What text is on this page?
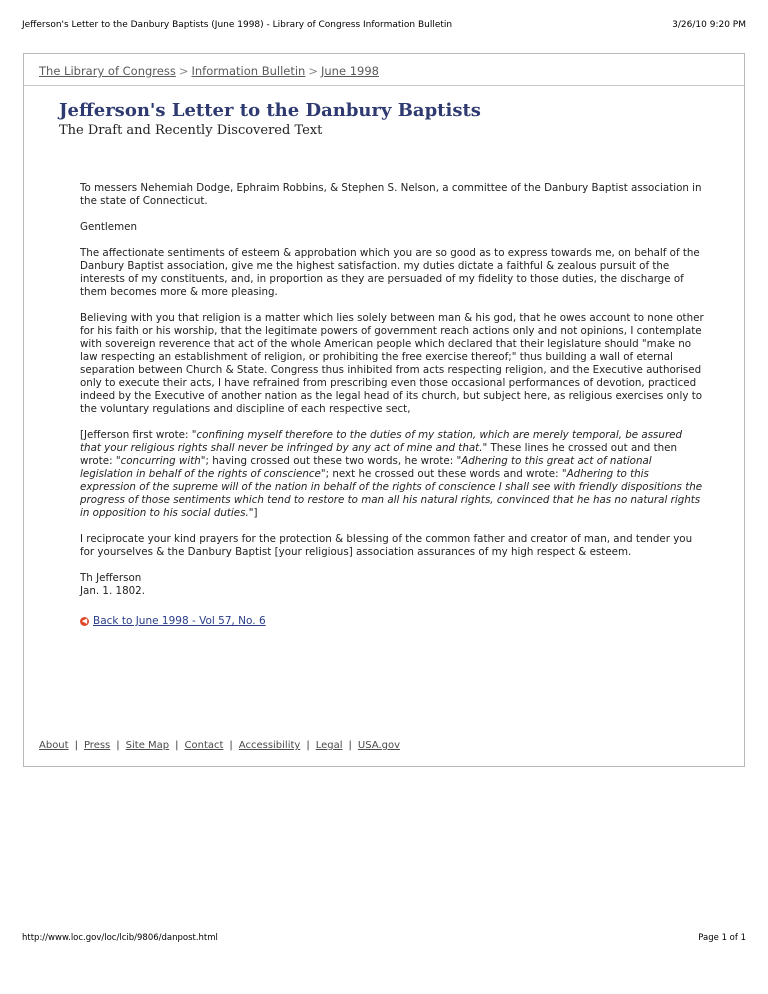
Jefferson's Letter to the Danbury Baptists (June 1998) - Library of Congress Information Bulletin	3/26/10 9:20 PM
The Library of Congress > Information Bulletin > June 1998
Jefferson's Letter to the Danbury Baptists
The Draft and Recently Discovered Text

To messers Nehemiah Dodge, Ephraim Robbins, & Stephen S. Nelson, a committee of the Danbury Baptist association in the state of Connecticut.

Gentlemen

The affectionate sentiments of esteem & approbation which you are so good as to express towards me, on behalf of the Danbury Baptist association, give me the highest satisfaction. my duties dictate a faithful & zealous pursuit of the interests of my constituents, and, in proportion as they are persuaded of my fidelity to those duties, the discharge of them becomes more & more pleasing.

Believing with you that religion is a matter which lies solely between man & his god, that he owes account to none other for his faith or his worship, that the legitimate powers of government reach actions only and not opinions, I contemplate with sovereign reverence that act of the whole American people which declared that their legislature should "make no law respecting an establishment of religion, or prohibiting the free exercise thereof;" thus building a wall of eternal separation between Church & State. Congress thus inhibited from acts respecting religion, and the Executive authorised only to execute their acts, I have refrained from prescribing even those occasional performances of devotion, practiced indeed by the Executive of another nation as the legal head of its church, but subject here, as religious exercises only to the voluntary regulations and discipline of each respective sect,

[Jefferson first wrote: "confining myself therefore to the duties of my station, which are merely temporal, be assured that your religious rights shall never be infringed by any act of mine and that." These lines he crossed out and then wrote: "concurring with"; having crossed out these two words, he wrote: "Adhering to this great act of national legislation in behalf of the rights of conscience"; next he crossed out these words and wrote: "Adhering to this expression of the supreme will of the nation in behalf of the rights of conscience I shall see with friendly dispositions the progress of those sentiments which tend to restore to man all his natural rights, convinced that he has no natural rights in opposition to his social duties."]

I reciprocate your kind prayers for the protection & blessing of the common father and creator of man, and tender you for yourselves & the Danbury Baptist [your religious] association assurances of my high respect & esteem.

Th Jefferson
Jan. 1. 1802.
◀ Back to June 1998 - Vol 57, No. 6
About | Press | Site Map | Contact | Accessibility | Legal | USA.gov
http://www.loc.gov/loc/lcib/9806/danpost.html	Page 1 of 1
